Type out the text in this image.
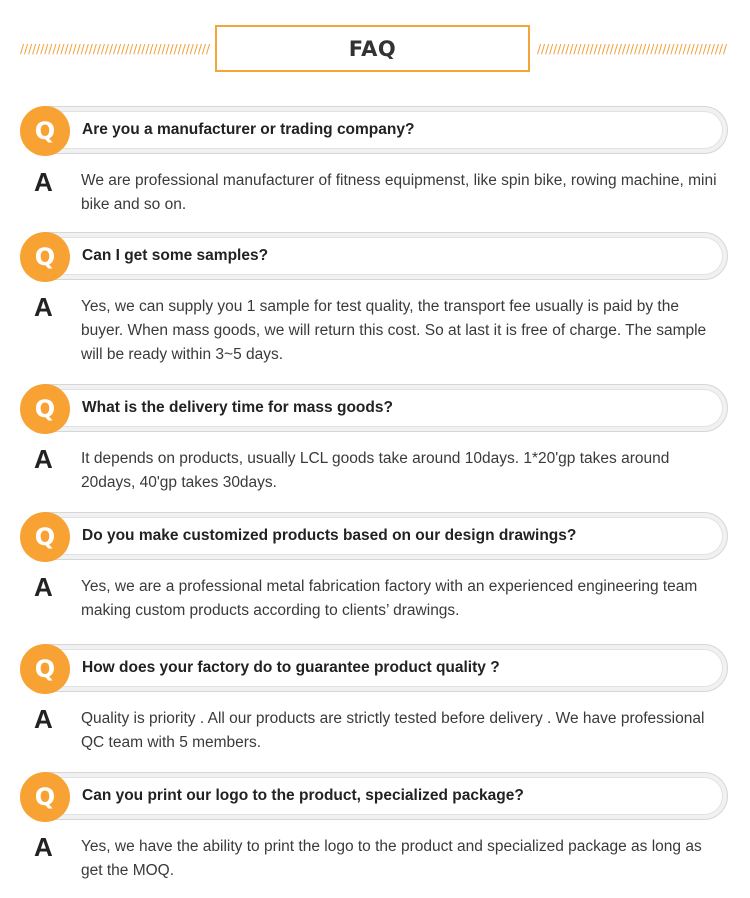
///////////////////////////////////////////////	FAQ	///////////////////////////////////////////////
Q	Are you a manufacturer or trading company?
A We are professional manufacturer of fitness equipmenst, like spin bike, rowing machine, mini bike and so on.
Q	Can I get some samples?
A Yes, we can supply you 1 sample for test quality, the transport fee usually is paid by the buyer. When mass goods, we will return this cost. So at last it is free of charge. The sample will be ready within 3~5 days.
Q	What is the delivery time for mass goods?
A It depends on products, usually LCL goods take around 10days. 1*20'gp takes around 20days, 40'gp takes 30days.
Q	Do you make customized products based on our design drawings?
A Yes, we are a professional metal fabrication factory with an experienced engineering team making custom products according to clients’ drawings.
Q	How does your factory do to guarantee product quality ?
A Quality is priority . All our products are strictly tested before delivery . We have professional QC team with 5 members.
Q	Can you print our logo to the product, specialized package?
A Yes, we have the ability to print the logo to the product and specialized package as long as get the MOQ.
